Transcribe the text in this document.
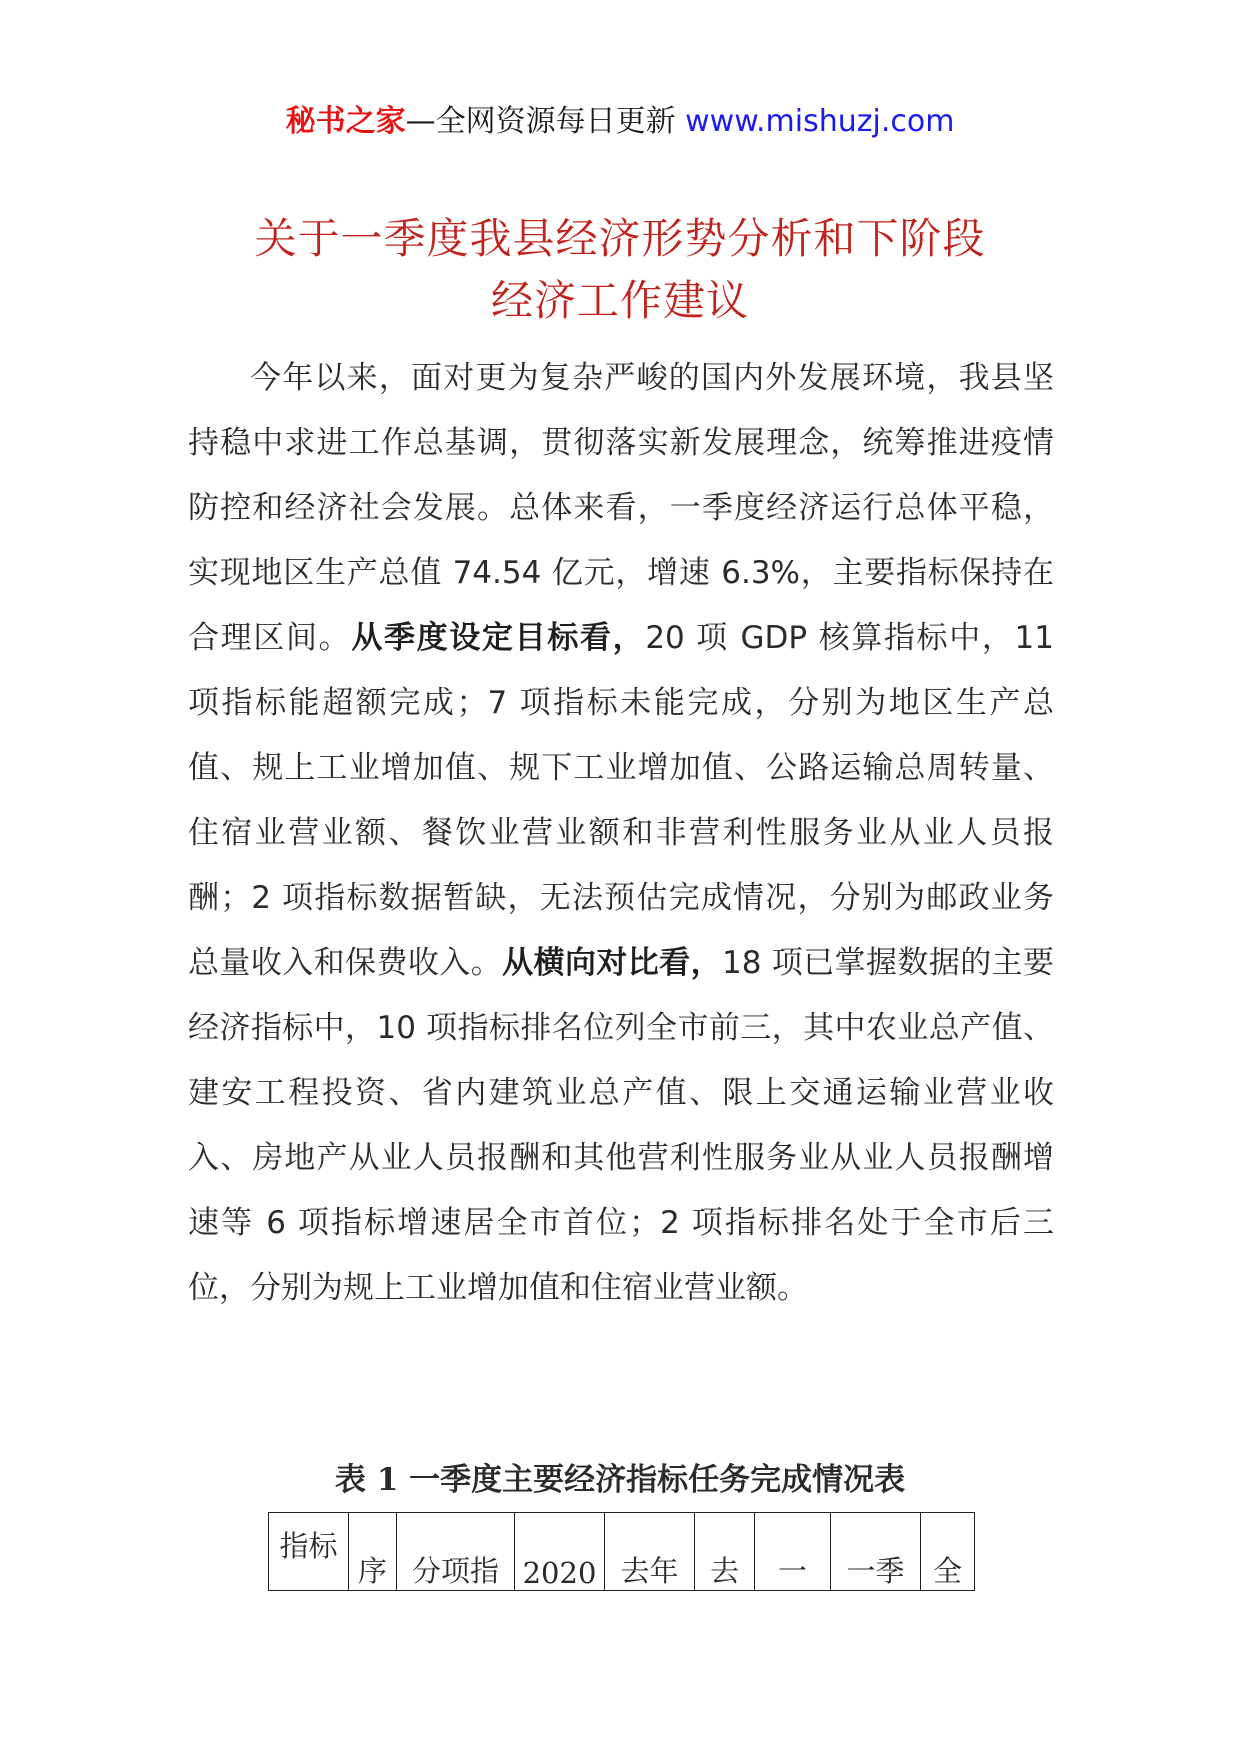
秘书之家—全网资源每日更新 www.mishuzj.com
关于一季度我县经济形势分析和下阶段
经济工作建议
今年以来，面对更为复杂严峻的国内外发展环境，我县坚持稳中求进工作总基调，贯彻落实新发展理念，统筹推进疫情防控和经济社会发展。总体来看，一季度经济运行总体平稳，实现地区生产总值 74.54 亿元，增速 6.3%，主要指标保持在合理区间。从季度设定目标看，20 项 GDP 核算指标中，11 项指标能超额完成；7 项指标未能完成，分别为地区生产总值、规上工业增加值、规下工业增加值、公路运输总周转量、住宿业营业额、餐饮业营业额和非营利性服务业从业人员报酬；2 项指标数据暂缺，无法预估完成情况，分别为邮政业务总量收入和保费收入。从横向对比看，18 项已掌握数据的主要经济指标中，10 项指标排名位列全市前三，其中农业总产值、建安工程投资、省内建筑业总产值、限上交通运输业营业收入、房地产从业人员报酬和其他营利性服务业从业人员报酬增速等 6 项指标增速居全市首位；2 项指标排名处于全市后三位，分别为规上工业增加值和住宿业营业额。
表 1 一季度主要经济指标任务完成情况表
指标	序	分项指	2020	去年	去	一	一季	全
